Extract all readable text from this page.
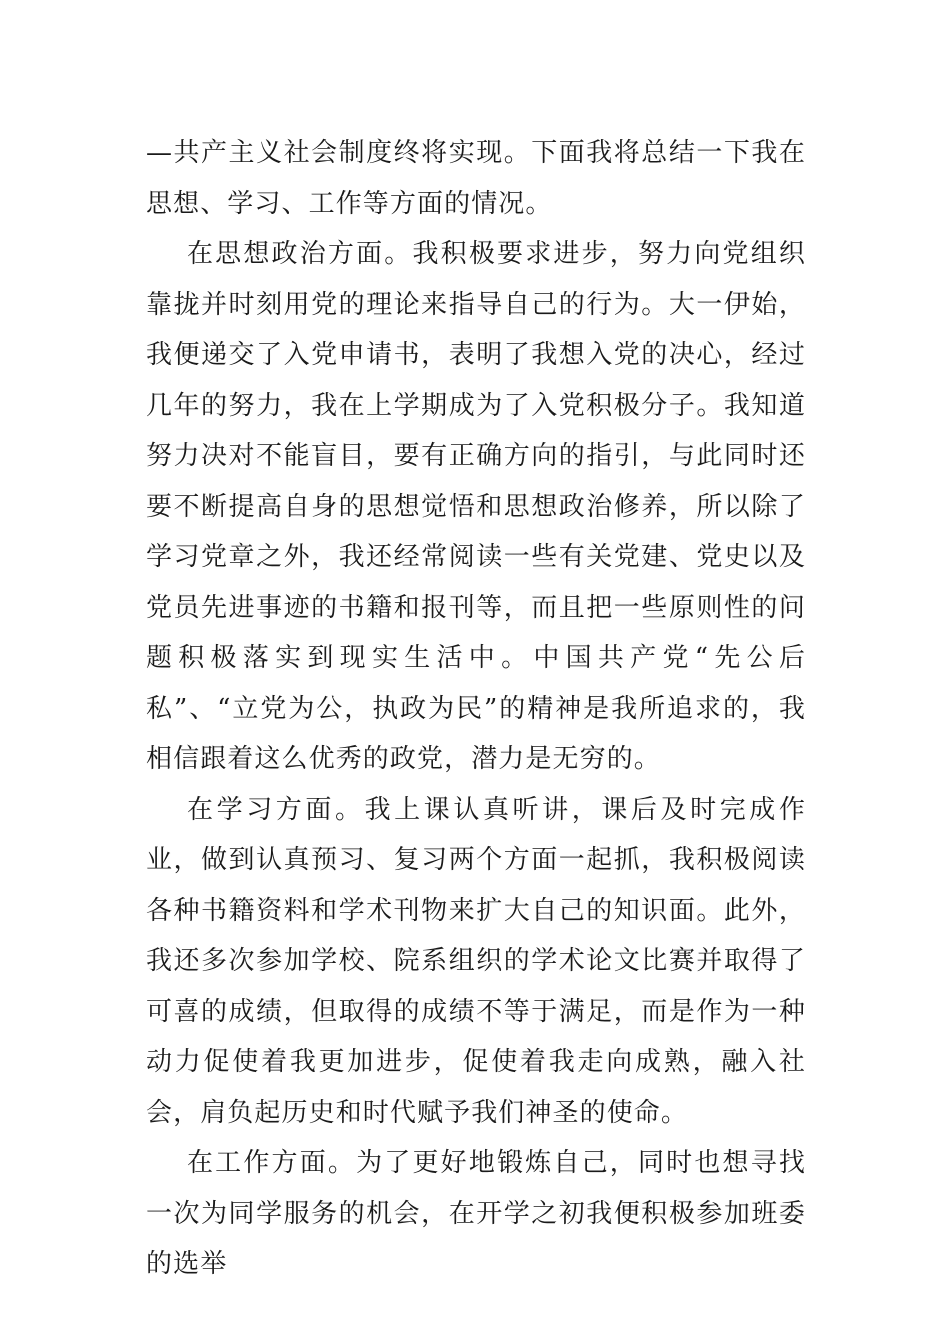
—共产主义社会制度终将实现。下面我将总结一下我在思想、学习、工作等方面的情况。

在思想政治方面。我积极要求进步，努力向党组织靠拢并时刻用党的理论来指导自己的行为。大一伊始，我便递交了入党申请书，表明了我想入党的决心，经过几年的努力，我在上学期成为了入党积极分子。我知道努力决对不能盲目，要有正确方向的指引，与此同时还要不断提高自身的思想觉悟和思想政治修养，所以除了学习党章之外，我还经常阅读一些有关党建、党史以及党员先进事迹的书籍和报刊等，而且把一些原则性的问题积极落实到现实生活中。中国共产党“先公后私”、“立党为公，执政为民”的精神是我所追求的，我相信跟着这么优秀的政党，潜力是无穷的。

在学习方面。我上课认真听讲，课后及时完成作业，做到认真预习、复习两个方面一起抓，我积极阅读各种书籍资料和学术刊物来扩大自己的知识面。此外，我还多次参加学校、院系组织的学术论文比赛并取得了可喜的成绩，但取得的成绩不等于满足，而是作为一种动力促使着我更加进步，促使着我走向成熟，融入社会，肩负起历史和时代赋予我们神圣的使命。

在工作方面。为了更好地锻炼自己，同时也想寻找一次为同学服务的机会，在开学之初我便积极参加班委的选举
